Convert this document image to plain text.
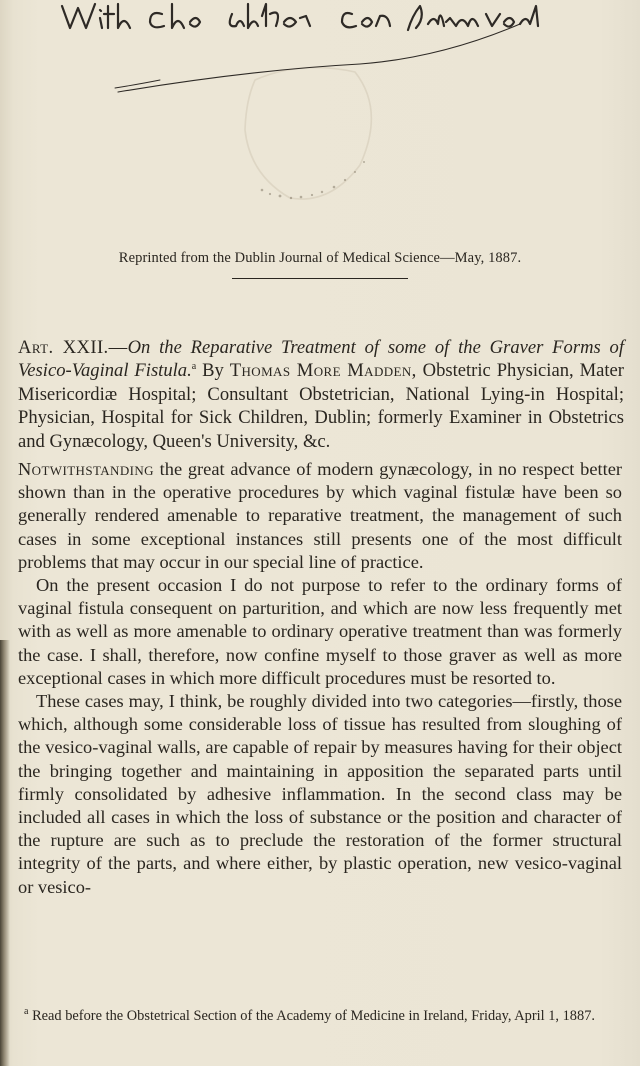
Reprinted from the Dublin Journal of Medical Science—May, 1887.
Art. XXII.—On the Reparative Treatment of some of the Graver Forms of Vesico-Vaginal Fistula.$^a$ By Thomas More Madden, Obstetric Physician, Mater Misericordiæ Hospital; Consultant Obstetrician, National Lying-in Hospital; Physician, Hospital for Sick Children, Dublin; formerly Examiner in Obstetrics and Gynæcology, Queen's University, &c.

Notwithstanding the great advance of modern gynæcology, in no respect better shown than in the operative procedures by which vaginal fistulæ have been so generally rendered amenable to reparative treatment, the management of such cases in some exceptional instances still presents one of the most difficult problems that may occur in our special line of practice.

On the present occasion I do not purpose to refer to the ordinary forms of vaginal fistula consequent on parturition, and which are now less frequently met with as well as more amenable to ordinary operative treatment than was formerly the case. I shall, therefore, now confine myself to those graver as well as more exceptional cases in which more difficult procedures must be resorted to.

These cases may, I think, be roughly divided into two categories—firstly, those which, although some considerable loss of tissue has resulted from sloughing of the vesico-vaginal walls, are capable of repair by measures having for their object the bringing together and maintaining in apposition the separated parts until firmly consolidated by adhesive inflammation. In the second class may be included all cases in which the loss of substance or the position and character of the rupture are such as to preclude the restoration of the former structural integrity of the parts, and where either, by plastic operation, new vesico-vaginal or vesico-

$^a$ Read before the Obstetrical Section of the Academy of Medicine in Ireland, Friday, April 1, 1887.
